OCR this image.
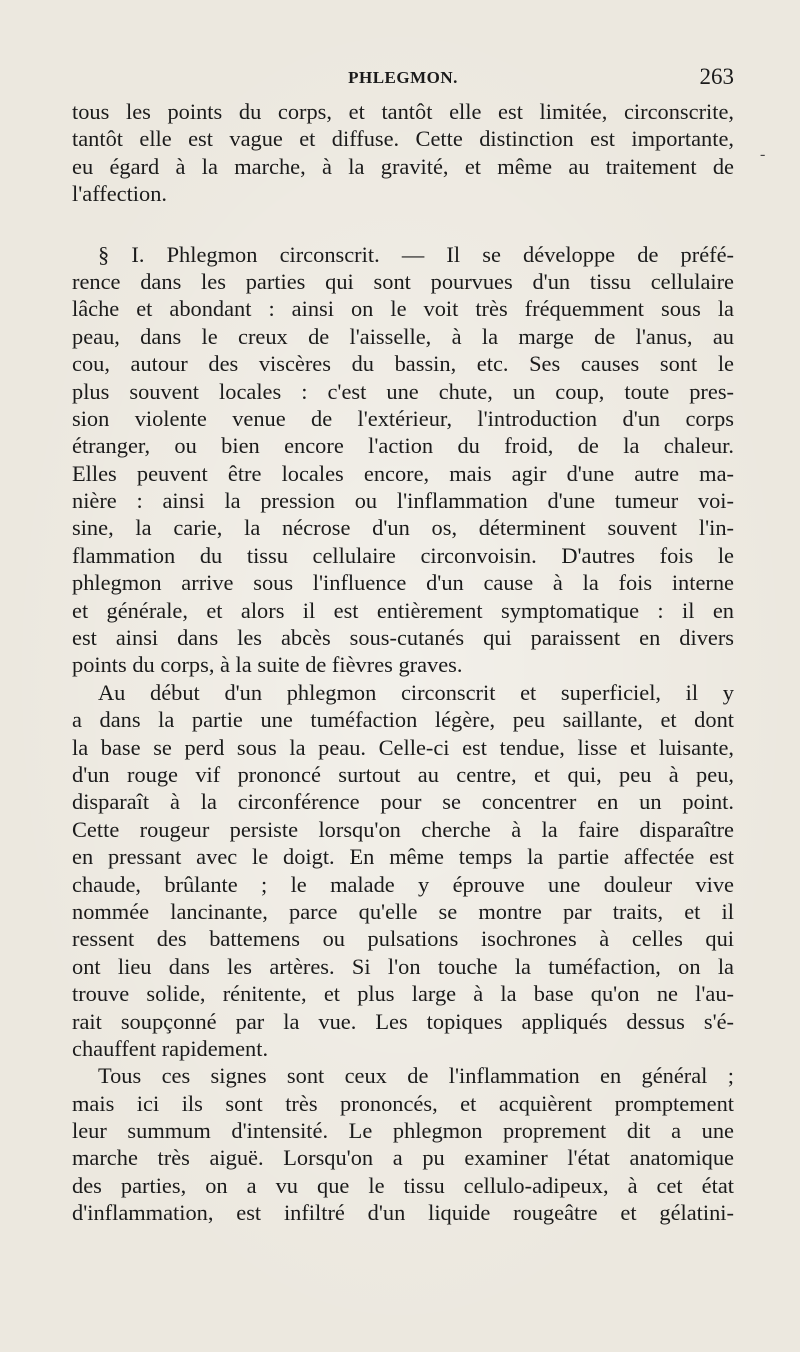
PHLEGMON.	263
-
tous les points du corps, et tantôt elle est limitée, circonscrite,
tantôt elle est vague et diffuse. Cette distinction est importante,
eu égard à la marche, à la gravité, et même au traitement de
l'affection.
§ I. Phlegmon circonscrit. — Il se développe de préfé-
rence dans les parties qui sont pourvues d'un tissu cellulaire
lâche et abondant : ainsi on le voit très fréquemment sous la
peau, dans le creux de l'aisselle, à la marge de l'anus, au
cou, autour des viscères du bassin, etc. Ses causes sont le
plus souvent locales : c'est une chute, un coup, toute pres-
sion violente venue de l'extérieur, l'introduction d'un corps
étranger, ou bien encore l'action du froid, de la chaleur.
Elles peuvent être locales encore, mais agir d'une autre ma-
nière : ainsi la pression ou l'inflammation d'une tumeur voi-
sine, la carie, la nécrose d'un os, déterminent souvent l'in-
flammation du tissu cellulaire circonvoisin. D'autres fois le
phlegmon arrive sous l'influence d'un cause à la fois interne
et générale, et alors il est entièrement symptomatique : il en
est ainsi dans les abcès sous-cutanés qui paraissent en divers
points du corps, à la suite de fièvres graves.
Au début d'un phlegmon circonscrit et superficiel, il y
a dans la partie une tuméfaction légère, peu saillante, et dont
la base se perd sous la peau. Celle-ci est tendue, lisse et luisante,
d'un rouge vif prononcé surtout au centre, et qui, peu à peu,
disparaît à la circonférence pour se concentrer en un point.
Cette rougeur persiste lorsqu'on cherche à la faire disparaître
en pressant avec le doigt. En même temps la partie affectée est
chaude, brûlante ; le malade y éprouve une douleur vive
nommée lancinante, parce qu'elle se montre par traits, et il
ressent des battemens ou pulsations isochrones à celles qui
ont lieu dans les artères. Si l'on touche la tuméfaction, on la
trouve solide, rénitente, et plus large à la base qu'on ne l'au-
rait soupçonné par la vue. Les topiques appliqués dessus s'é-
chauffent rapidement.
Tous ces signes sont ceux de l'inflammation en général ;
mais ici ils sont très prononcés, et acquièrent promptement
leur summum d'intensité. Le phlegmon proprement dit a une
marche très aiguë. Lorsqu'on a pu examiner l'état anatomique
des parties, on a vu que le tissu cellulo-adipeux, à cet état
d'inflammation, est infiltré d'un liquide rougeâtre et gélatini-
